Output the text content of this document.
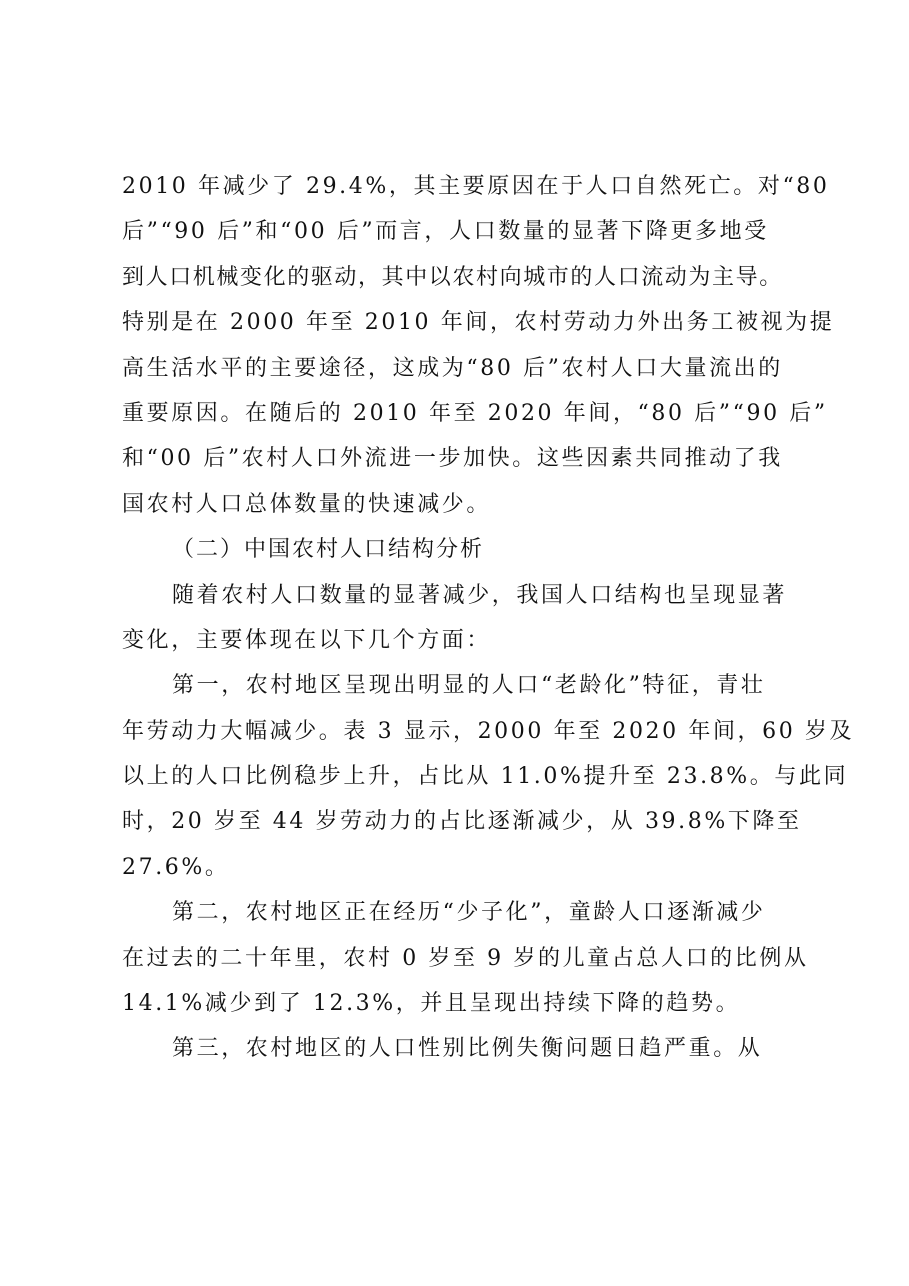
2010 年减少了 29.4%，其主要原因在于人口自然死亡。对“80
后”“90 后”和“00 后”而言，人口数量的显著下降更多地受
到人口机械变化的驱动，其中以农村向城市的人口流动为主导。
特别是在 2000 年至 2010 年间，农村劳动力外出务工被视为提
高生活水平的主要途径，这成为“80 后”农村人口大量流出的
重要原因。在随后的 2010 年至 2020 年间，“80 后”“90 后”
和“00 后”农村人口外流进一步加快。这些因素共同推动了我
国农村人口总体数量的快速减少。
（二）中国农村人口结构分析
随着农村人口数量的显著减少，我国人口结构也呈现显著
变化，主要体现在以下几个方面：
第一，农村地区呈现出明显的人口“老龄化”特征，青壮
年劳动力大幅减少。表 3 显示，2000 年至 2020 年间，60 岁及
以上的人口比例稳步上升，占比从 11.0%提升至 23.8%。与此同
时，20 岁至 44 岁劳动力的占比逐渐减少，从 39.8%下降至
27.6%。
第二，农村地区正在经历“少子化”，童龄人口逐渐减少
在过去的二十年里，农村 0 岁至 9 岁的儿童占总人口的比例从
14.1%减少到了 12.3%，并且呈现出持续下降的趋势。
第三，农村地区的人口性别比例失衡问题日趋严重。从
